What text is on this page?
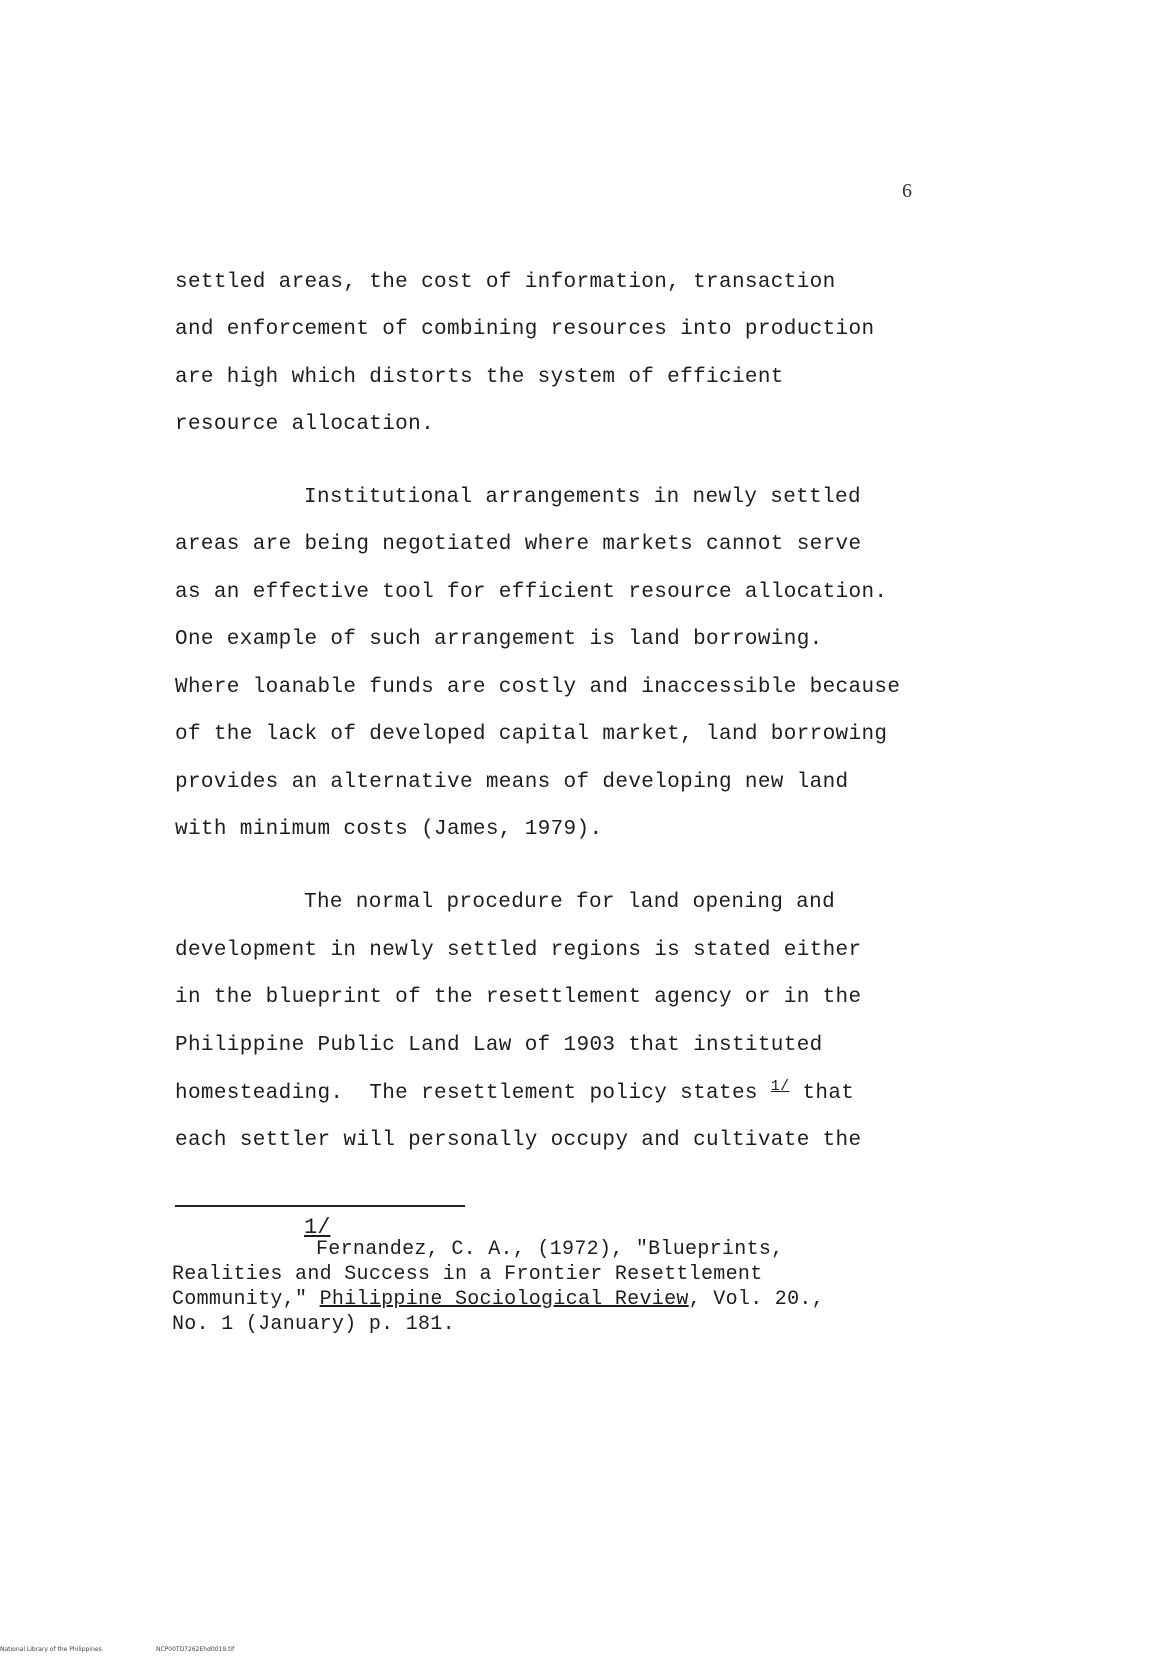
6
settled areas, the cost of information, transaction
and enforcement of combining resources into production
are high which distorts the system of efficient
resource allocation.
Institutional arrangements in newly settled
areas are being negotiated where markets cannot serve
as an effective tool for efficient resource allocation.
One example of such arrangement is land borrowing.
Where loanable funds are costly and inaccessible because
of the lack of developed capital market, land borrowing
provides an alternative means of developing new land
with minimum costs (James, 1979).
The normal procedure for land opening and
development in newly settled regions is stated either
in the blueprint of the resettlement agency or in the
Philippine Public Land Law of 1903 that instituted
homesteading.  The resettlement policy states $^{1/}$ that
each settler will personally occupy and cultivate the
1/
Fernandez, C. A., (1972), "Blueprints,
Realities and Success in a Frontier Resettlement
Community," Philippine Sociological Review, Vol. 20.,
No. 1 (January) p. 181.
National Library of the Philippines	NCP00TD7262Ehd0019.tif
